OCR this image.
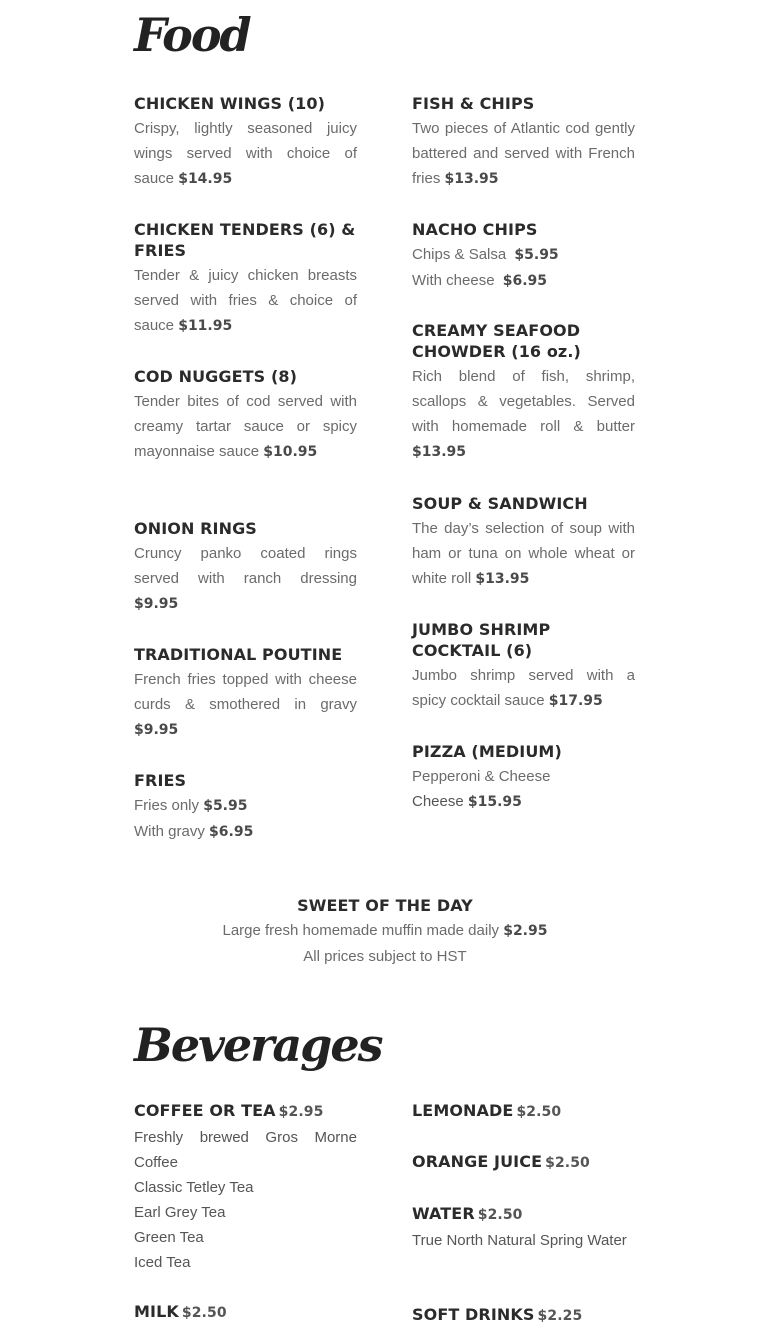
Food
CHICKEN WINGS (10)
Crispy, lightly seasoned juicy wings served with choice of sauce $14.95
CHICKEN TENDERS (6) & FRIES
Tender & juicy chicken breasts served with fries & choice of sauce $11.95
COD NUGGETS (8)
Tender bites of cod served with creamy tartar sauce or spicy mayonnaise sauce $10.95
ONION RINGS
Cruncy panko coated rings served with ranch dressing $9.95
TRADITIONAL POUTINE
French fries topped with cheese curds & smothered in gravy $9.95
FRIES
Fries only $5.95
With gravy $6.95
FISH & CHIPS
Two pieces of Atlantic cod gently battered and served with French fries $13.95
NACHO CHIPS
Chips & Salsa $5.95
With cheese $6.95
CREAMY SEAFOOD CHOWDER (16 oz.)
Rich blend of fish, shrimp, scallops & vegetables. Served with homemade roll & butter $13.95
SOUP & SANDWICH
The day’s selection of soup with ham or tuna on whole wheat or white roll $13.95
JUMBO SHRIMP COCKTAIL (6)
Jumbo shrimp served with a spicy cocktail sauce $17.95
PIZZA (MEDIUM)
Pepperoni & Cheese
Cheese $15.95
SWEET OF THE DAY
Large fresh homemade muffin made daily $2.95
All prices subject to HST
Beverages
COFFEE OR TEA $2.95
Freshly brewed Gros Morne Coffee
Classic Tetley Tea
Earl Grey Tea
Green Tea
Iced Tea
MILK $2.50
LEMONADE $2.50
ORANGE JUICE $2.50
WATER $2.50
True North Natural Spring Water
SOFT DRINKS $2.25
